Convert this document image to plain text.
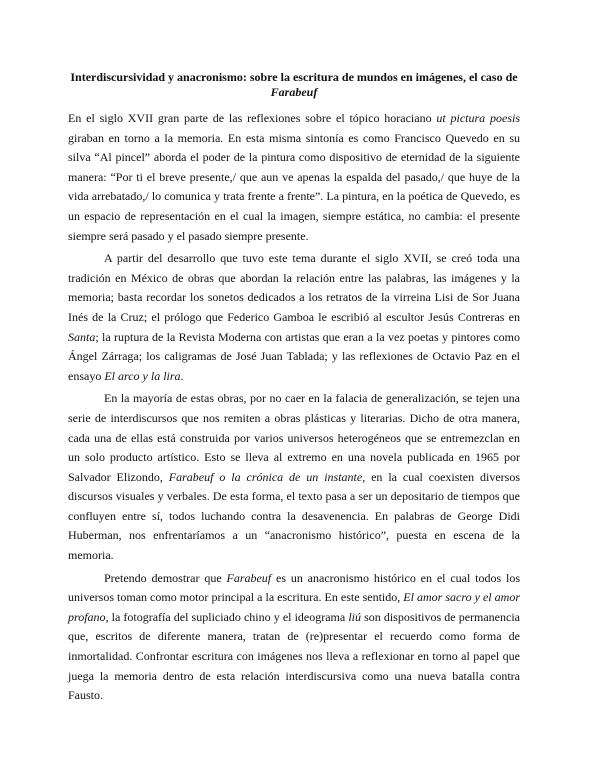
Interdiscursividad y anacronismo: sobre la escritura de mundos en imágenes, el caso de
Farabeuf

En el siglo XVII gran parte de las reflexiones sobre el tópico horaciano ut pictura poesis giraban en torno a la memoria. En esta misma sintonía es como Francisco Quevedo en su silva “Al pincel” aborda el poder de la pintura como dispositivo de eternidad de la siguiente manera: “Por ti el breve presente,/ que aun ve apenas la espalda del pasado,/ que huye de la vida arrebatado,/ lo comunica y trata frente a frente”. La pintura, en la poética de Quevedo, es un espacio de representación en el cual la imagen, siempre estática, no cambia: el presente siempre será pasado y el pasado siempre presente.

A partir del desarrollo que tuvo este tema durante el siglo XVII, se creó toda una tradición en México de obras que abordan la relación entre las palabras, las imágenes y la memoria; basta recordar los sonetos dedicados a los retratos de la virreina Lisi de Sor Juana Inés de la Cruz; el prólogo que Federico Gamboa le escribió al escultor Jesús Contreras en Santa; la ruptura de la Revista Moderna con artistas que eran a la vez poetas y pintores como Ángel Zárraga; los caligramas de José Juan Tablada; y las reflexiones de Octavio Paz en el ensayo El arco y la lira.

En la mayoría de estas obras, por no caer en la falacia de generalización, se tejen una serie de interdiscursos que nos remiten a obras plásticas y literarias. Dicho de otra manera, cada una de ellas está construida por varios universos heterogéneos que se entremezclan en un solo producto artístico. Esto se lleva al extremo en una novela publicada en 1965 por Salvador Elizondo, Farabeuf o la crónica de un instante, en la cual coexisten diversos discursos visuales y verbales. De esta forma, el texto pasa a ser un depositario de tiempos que confluyen entre sí, todos luchando contra la desavenencia. En palabras de George Didi Huberman, nos enfrentaríamos a un “anacronismo histórico”, puesta en escena de la memoria.

Pretendo demostrar que Farabeuf es un anacronismo histórico en el cual todos los universos toman como motor principal a la escritura. En este sentido, El amor sacro y el amor profano, la fotografía del supliciado chino y el ideograma liú son dispositivos de permanencia que, escritos de diferente manera, tratan de (re)presentar el recuerdo como forma de inmortalidad. Confrontar escritura con imágenes nos lleva a reflexionar en torno al papel que juega la memoria dentro de esta relación interdiscursiva como una nueva batalla contra Fausto.
